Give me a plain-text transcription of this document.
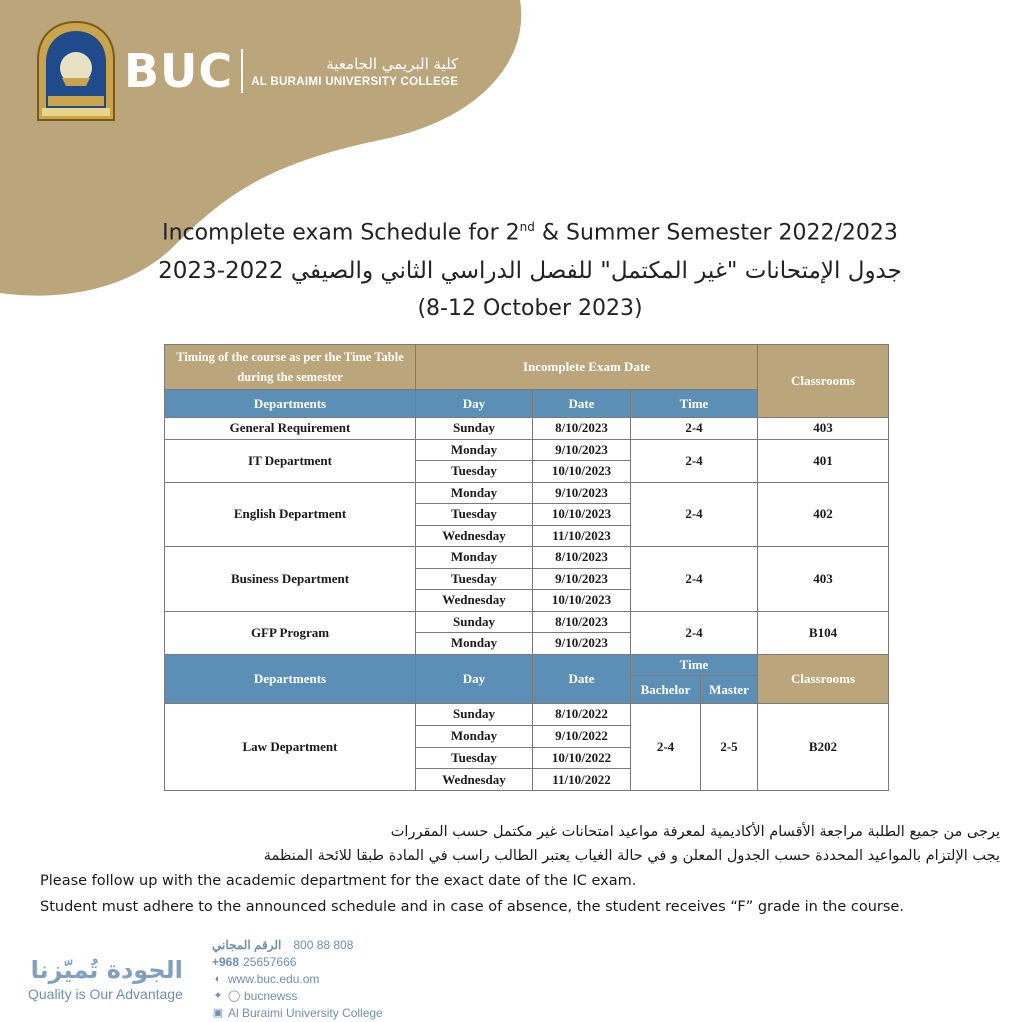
BUC	كلية البريمي الجامعية
AL BURAIMI UNIVERSITY COLLEGE
Incomplete exam Schedule for 2nd & Summer Semester 2022/2023
جدول الإمتحانات "غير المكتمل" للفصل الدراسي الثاني والصيفي 2022-2023
(8-12 October 2023)
Timing of the course as per the Time Table during the semester	Incomplete Exam Date			Classrooms
Departments	Day	Date	Time	
General Requirement	Sunday	8/10/2023	2-4	403
IT Department	Monday	9/10/2023	2-4	401
	Tuesday	10/10/2023		
English Department	Monday	9/10/2023	2-4	402
	Tuesday	10/10/2023		
	Wednesday	11/10/2023		
Business Department	Monday	8/10/2023	2-4	403
	Tuesday	9/10/2023		
	Wednesday	10/10/2023		
GFP Program	Sunday	8/10/2023	2-4	B104
	Monday	9/10/2023		
Departments	Day	Date	Time	Classrooms

Bachelor Master	

Law Department	Sunday	8/10/2022	2-4 2-5	B202
	Monday	9/10/2022		
	Tuesday	10/10/2022		
	Wednesday	11/10/2022		
يرجى من جميع الطلبة مراجعة الأقسام الأكاديمية لمعرفة مواعيد امتحانات غير مكتمل حسب المقررات
يجب الإلتزام بالمواعيد المحددة حسب الجدول المعلن و في حالة الغياب يعتبر الطالب راسب في المادة طبقا للائحة المنظمة
Please follow up with the academic department for the exact date of the IC exam.
Student must adhere to the announced schedule and in case of absence, the student receives “F” grade in the course.
الجودة تُميّزنا
Quality is Our Advantage
الرقم المجاني 800 88 808
+968 25657666
◐ www.buc.edu.om
✦ ◯ bucnewss
▣ Al Buraimi University College
